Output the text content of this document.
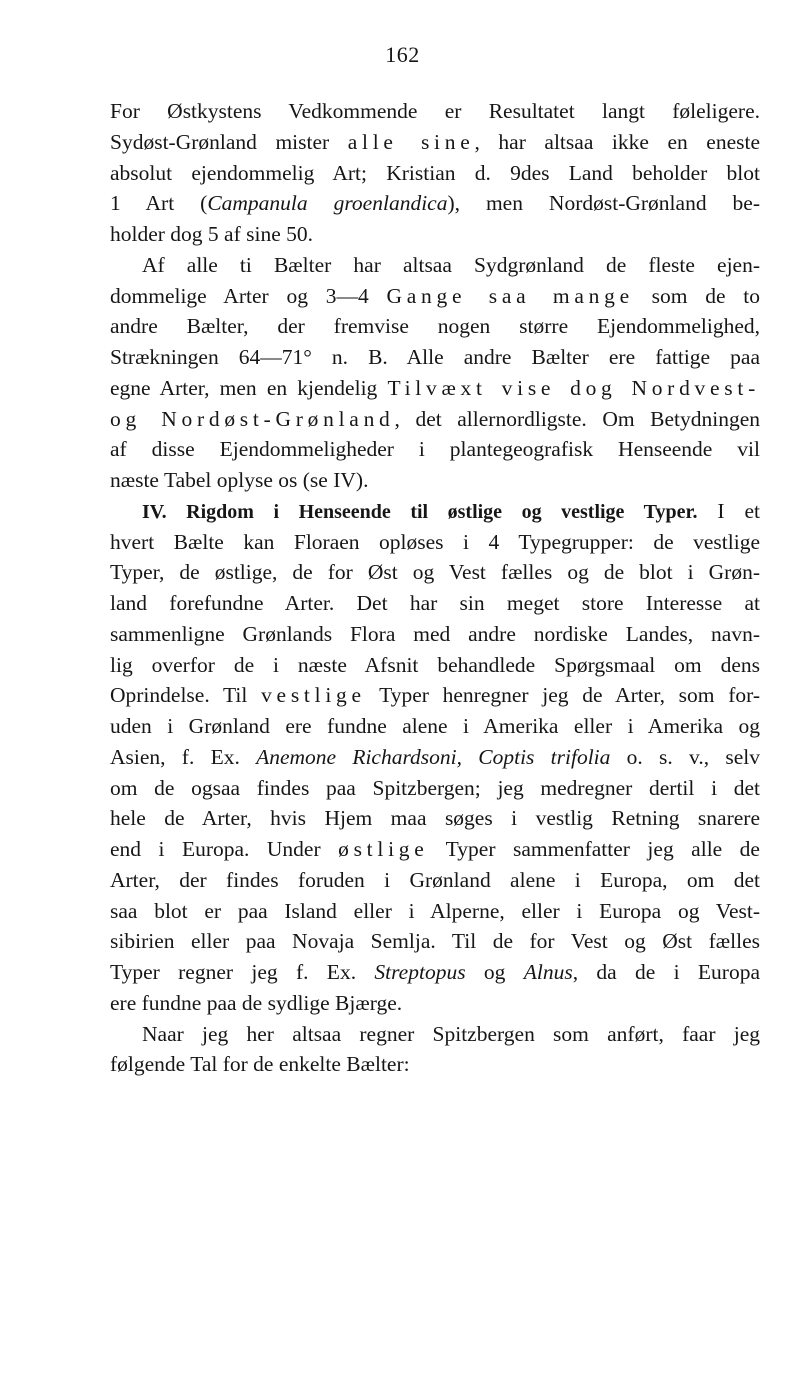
162
For Østkystens Vedkommende er Resultatet langt føleligere.
Sydøst-Grønland mister alle sine, har altsaa ikke en eneste
absolut ejendommelig Art; Kristian d. 9des Land beholder blot
1 Art (Campanula groenlandica), men Nordøst-Grønland be-
holder dog 5 af sine 50.
Af alle ti Bælter har altsaa Sydgrønland de fleste ejen-
dommelige Arter og 3—4 Gange saa mange som de to
andre Bælter, der fremvise nogen større Ejendommelighed,
Strækningen 64—71° n. B. Alle andre Bælter ere fattige paa
egne Arter, men en kjendelig Tilvæxt vise dog Nordvest-
og Nordøst-Grønland, det allernordligste. Om Betydningen
af disse Ejendommeligheder i plantegeografisk Henseende vil
næste Tabel oplyse os (se IV).
IV. Rigdom i Henseende til østlige og vestlige Typer. I et
hvert Bælte kan Floraen opløses i 4 Typegrupper: de vestlige
Typer, de østlige, de for Øst og Vest fælles og de blot i Grøn-
land forefundne Arter. Det har sin meget store Interesse at
sammenligne Grønlands Flora med andre nordiske Landes, navn-
lig overfor de i næste Afsnit behandlede Spørgsmaal om dens
Oprindelse. Til vestlige Typer henregner jeg de Arter, som for-
uden i Grønland ere fundne alene i Amerika eller i Amerika og
Asien, f. Ex. Anemone Richardsoni, Coptis trifolia o. s. v., selv
om de ogsaa findes paa Spitzbergen; jeg medregner dertil i det
hele de Arter, hvis Hjem maa søges i vestlig Retning snarere
end i Europa. Under østlige Typer sammenfatter jeg alle de
Arter, der findes foruden i Grønland alene i Europa, om det
saa blot er paa Island eller i Alperne, eller i Europa og Vest-
sibirien eller paa Novaja Semlja. Til de for Vest og Øst fælles
Typer regner jeg f. Ex. Streptopus og Alnus, da de i Europa
ere fundne paa de sydlige Bjærge.
Naar jeg her altsaa regner Spitzbergen som anført, faar jeg
følgende Tal for de enkelte Bælter:
